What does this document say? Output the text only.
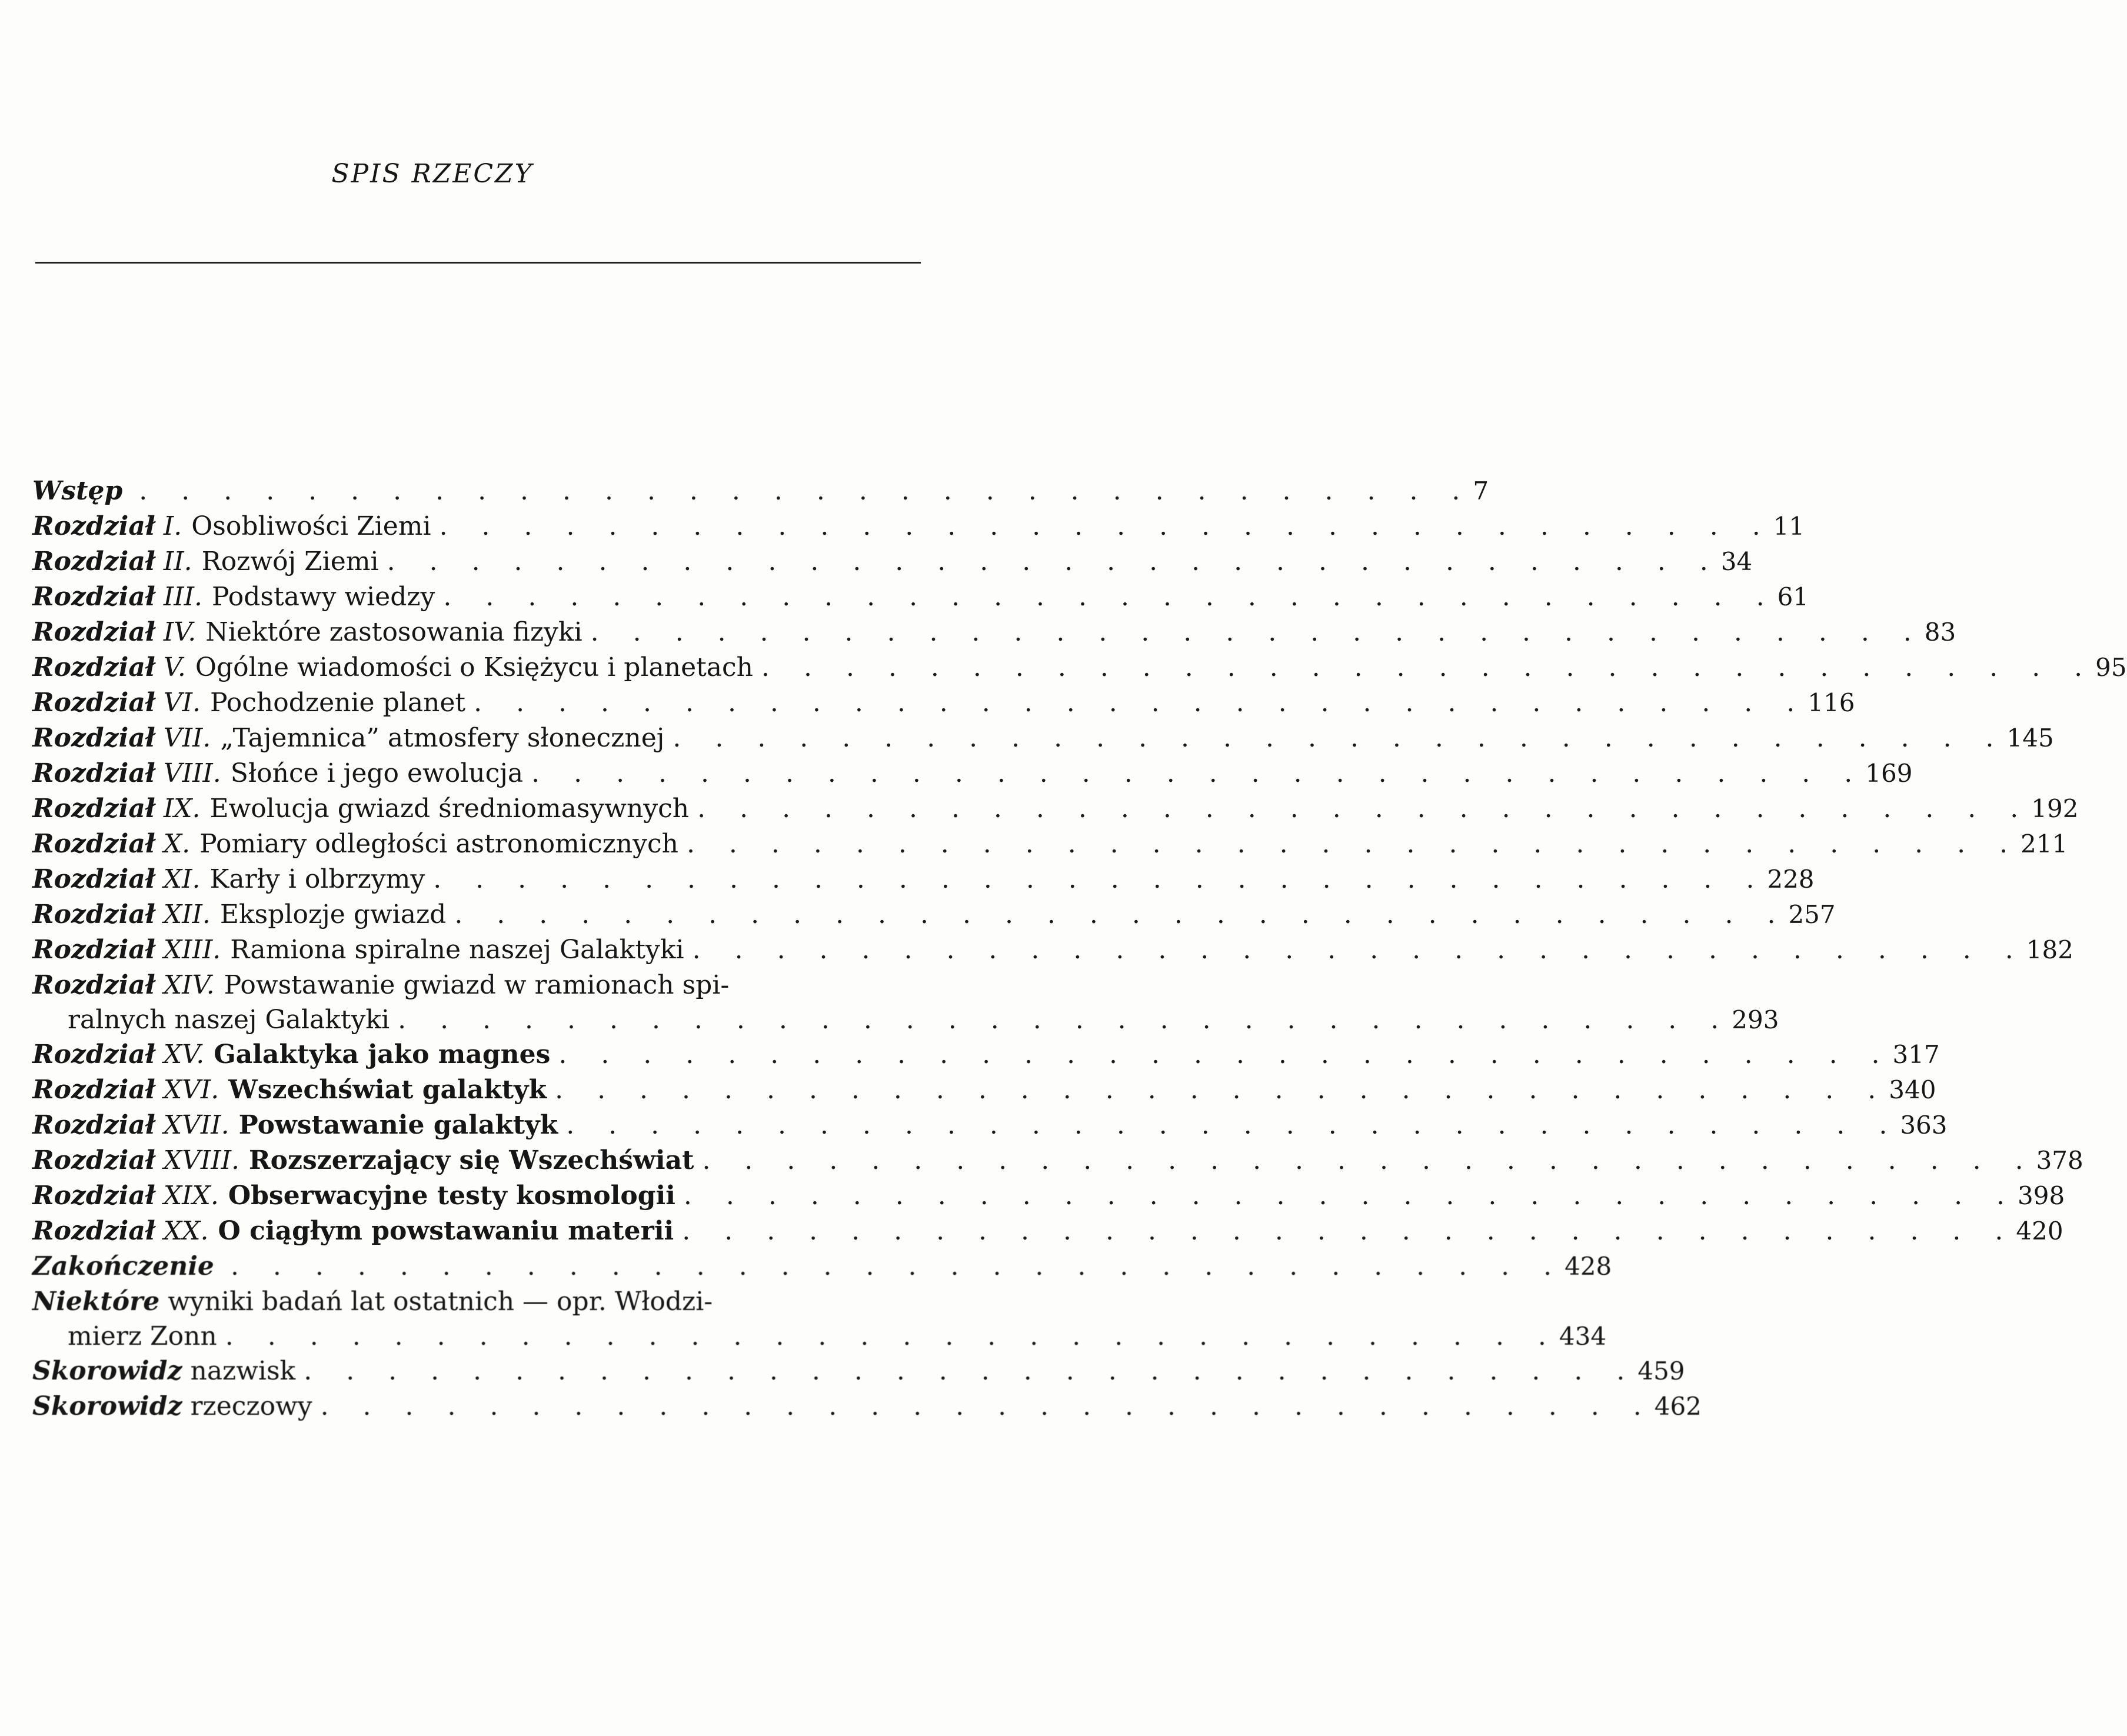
SPIS RZECZY
Wstęp . . . . . . . . . . . . . . . . . . . . . . . . . . . . . . . . 7
Rozdział I. Osobliwości Ziemi . . . . . . . . . . . . . . . . . . . . . . . . . . . . . . . . 11
Rozdział II. Rozwój Ziemi . . . . . . . . . . . . . . . . . . . . . . . . . . . . . . . . 34
Rozdział III. Podstawy wiedzy . . . . . . . . . . . . . . . . . . . . . . . . . . . . . . . . 61
Rozdział IV. Niektóre zastosowania fizyki . . . . . . . . . . . . . . . . . . . . . . . . . . . . . . . . 83
Rozdział V. Ogólne wiadomości o Księżycu i planetach . . . . . . . . . . . . . . . . . . . . . . . . . . . . . . . . 95
Rozdział VI. Pochodzenie planet . . . . . . . . . . . . . . . . . . . . . . . . . . . . . . . . 116
Rozdział VII. „Tajemnica” atmosfery słonecznej . . . . . . . . . . . . . . . . . . . . . . . . . . . . . . . . 145
Rozdział VIII. Słońce i jego ewolucja . . . . . . . . . . . . . . . . . . . . . . . . . . . . . . . . 169
Rozdział IX. Ewolucja gwiazd średniomasywnych . . . . . . . . . . . . . . . . . . . . . . . . . . . . . . . . 192
Rozdział X. Pomiary odległości astronomicznych . . . . . . . . . . . . . . . . . . . . . . . . . . . . . . . . 211
Rozdział XI. Karły i olbrzymy . . . . . . . . . . . . . . . . . . . . . . . . . . . . . . . . 228
Rozdział XII. Eksplozje gwiazd . . . . . . . . . . . . . . . . . . . . . . . . . . . . . . . . 257
Rozdział XIII. Ramiona spiralne naszej Galaktyki . . . . . . . . . . . . . . . . . . . . . . . . . . . . . . . . 182
Rozdział XIV. Powstawanie gwiazd w ramionach spi-
ralnych naszej Galaktyki . . . . . . . . . . . . . . . . . . . . . . . . . . . . . . . . 293
Rozdział XV. Galaktyka jako magnes . . . . . . . . . . . . . . . . . . . . . . . . . . . . . . . . 317
Rozdział XVI. Wszechświat galaktyk . . . . . . . . . . . . . . . . . . . . . . . . . . . . . . . . 340
Rozdział XVII. Powstawanie galaktyk . . . . . . . . . . . . . . . . . . . . . . . . . . . . . . . . 363
Rozdział XVIII. Rozszerzający się Wszechświat . . . . . . . . . . . . . . . . . . . . . . . . . . . . . . . . 378
Rozdział XIX. Obserwacyjne testy kosmologii . . . . . . . . . . . . . . . . . . . . . . . . . . . . . . . . 398
Rozdział XX. O ciągłym powstawaniu materii . . . . . . . . . . . . . . . . . . . . . . . . . . . . . . . . 420
Zakończenie . . . . . . . . . . . . . . . . . . . . . . . . . . . . . . . . 428
Niektóre wyniki badań lat ostatnich — opr. Włodzi-
mierz Zonn . . . . . . . . . . . . . . . . . . . . . . . . . . . . . . . . 434
Skorowidz nazwisk . . . . . . . . . . . . . . . . . . . . . . . . . . . . . . . . 459
Skorowidz rzeczowy . . . . . . . . . . . . . . . . . . . . . . . . . . . . . . . . 462
